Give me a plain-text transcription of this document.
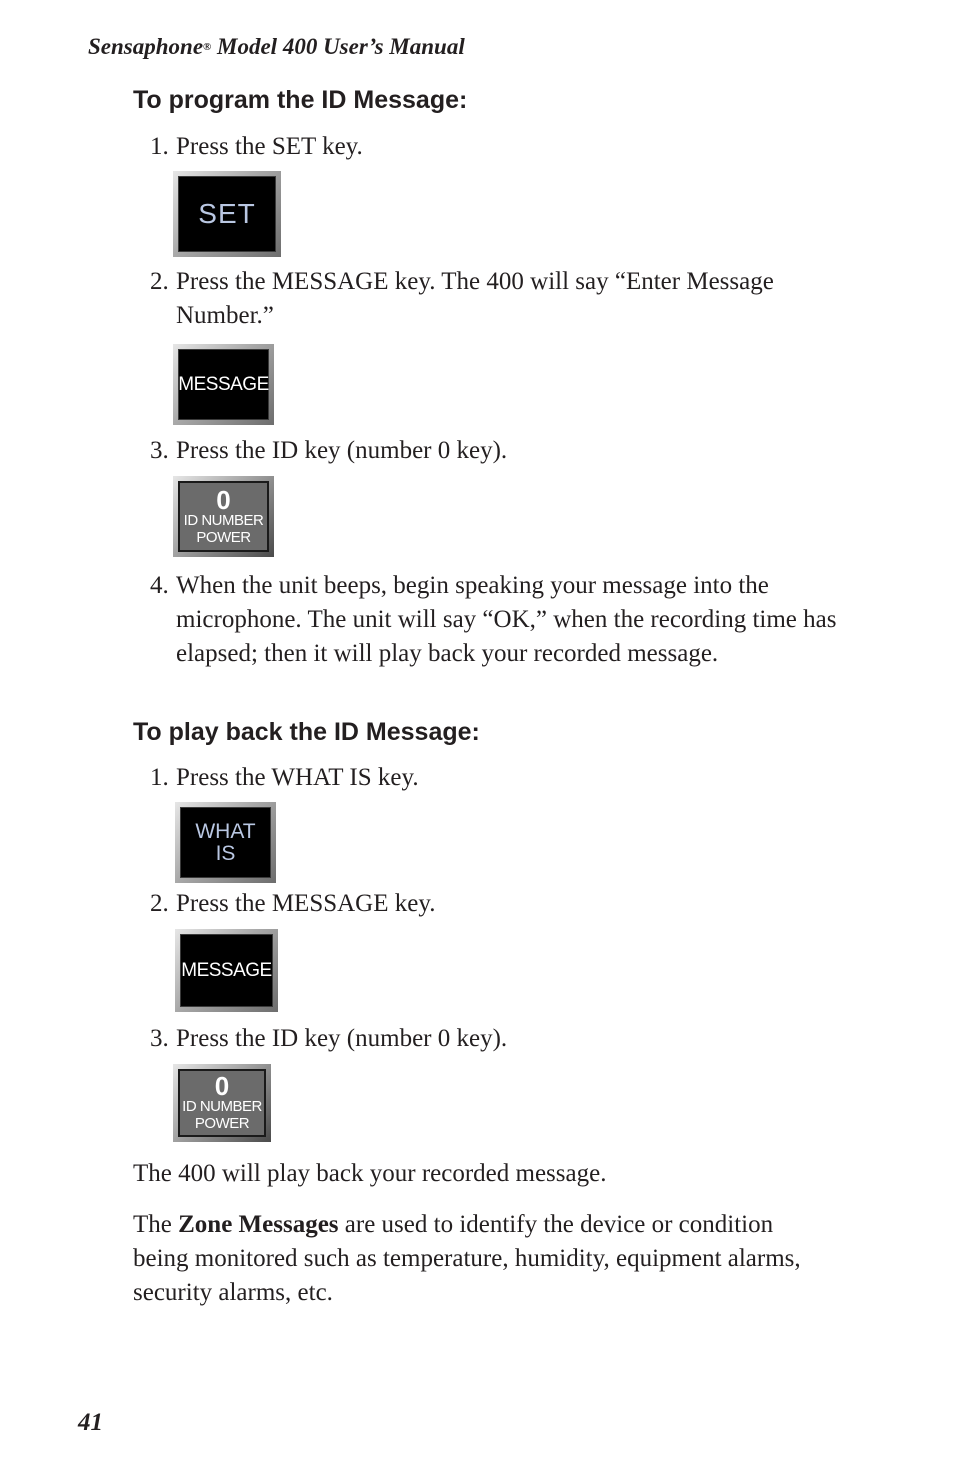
Sensaphone® Model 400 User’s Manual
To program the ID Message:
1. Press the SET key.
SET
2. Press the MESSAGE key. The 400 will say “Enter Message Number.”
MESSAGE
3. Press the ID key (number 0 key).
0
ID NUMBER
POWER
4. When the unit beeps, begin speaking your message into the microphone. The unit will say “OK,” when the recording time has elapsed; then it will play back your recorded message.
To play back the ID Message:
1. Press the WHAT IS key.
WHAT
IS
2. Press the MESSAGE key.
MESSAGE
3. Press the ID key (number 0 key).
0
ID NUMBER
POWER
The 400 will play back your recorded message.
The Zone Messages are used to identify the device or condition being monitored such as temperature, humidity, equipment alarms, security alarms, etc.
41
